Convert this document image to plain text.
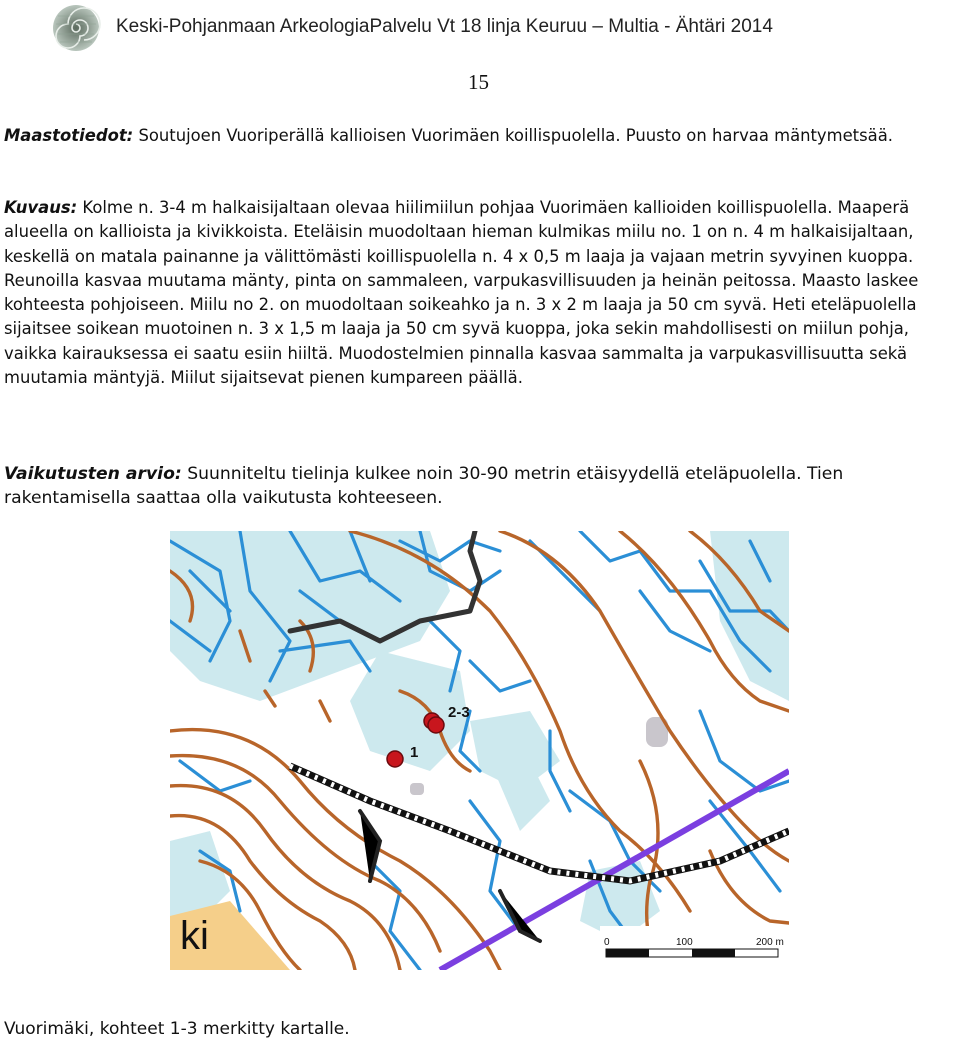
Keski-Pohjanmaan ArkeologiaPalvelu Vt 18 linja Keuruu – Multia - Ähtäri 2014
15

Maastotiedot: Soutujoen Vuoriperällä kallioisen Vuorimäen koillispuolella. Puusto on harvaa mäntymetsää.

Kuvaus: Kolme n. 3-4 m halkaisijaltaan olevaa hiilimiilun pohjaa Vuorimäen kallioiden koillispuolella. Maaperä alueella on kallioista ja kivikkoista. Eteläisin muodoltaan hieman kulmikas miilu no. 1 on n. 4 m halkaisijaltaan, keskellä on matala painanne ja välittömästi koillispuolella n. 4 x 0,5 m laaja ja vajaan metrin syvyinen kuoppa. Reunoilla kasvaa muutama mänty, pinta on sammaleen, varpukasvillisuuden ja heinän peitossa. Maasto laskee kohteesta pohjoiseen. Miilu no 2. on muodoltaan soikeahko ja n. 3 x 2 m laaja ja 50 cm syvä. Heti eteläpuolella sijaitsee soikean muotoinen n. 3 x 1,5 m laaja ja 50 cm syvä kuoppa, joka sekin mahdollisesti on miilun pohja, vaikka kairauksessa ei saatu esiin hiiltä. Muodostelmien pinnalla kasvaa sammalta ja varpukasvillisuutta sekä muutamia mäntyjä. Miilut sijaitsevat pienen kumpareen päällä.

Vaikutusten arvio: Suunniteltu tielinja kulkee noin 30-90 metrin etäisyydellä eteläpuolella. Tien rakentamisella saattaa olla vaikutusta kohteeseen.

1
2-3
ki	0	100	200 m
Vuorimäki, kohteet 1-3 merkitty kartalle.
